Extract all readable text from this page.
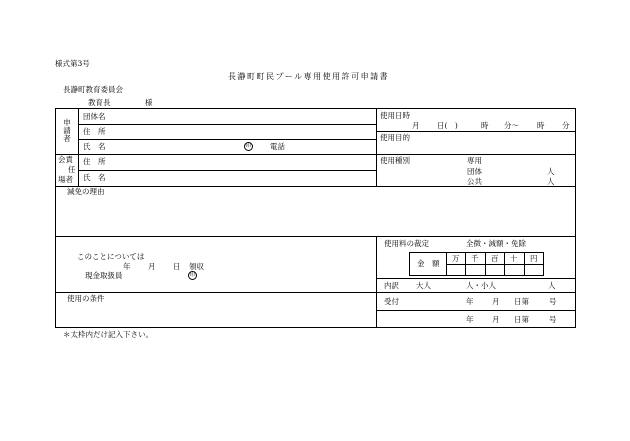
様式第3号
長瀞町町民プール専用使用許可申請書
長瀞町教育委員会
教育長	様
申請者
団体名
住　所
氏　名	印	電話
会責
任
場者
住　所
氏　名
使用日時
月 日(　)	時 分〜 時 分
使用目的
使用種別	専用
団体	人
公共	人
減免の理由
このことについては
年 月 日 領収
現金取扱員	印
使用料の裁定	全徴・減額・免除
金　額
万 千 百 十 円
内訳 大人	人・小人	人
使用の条件	受付	年 月 日第	号
年 月 日第	号
＊太枠内だけ記入下さい。
